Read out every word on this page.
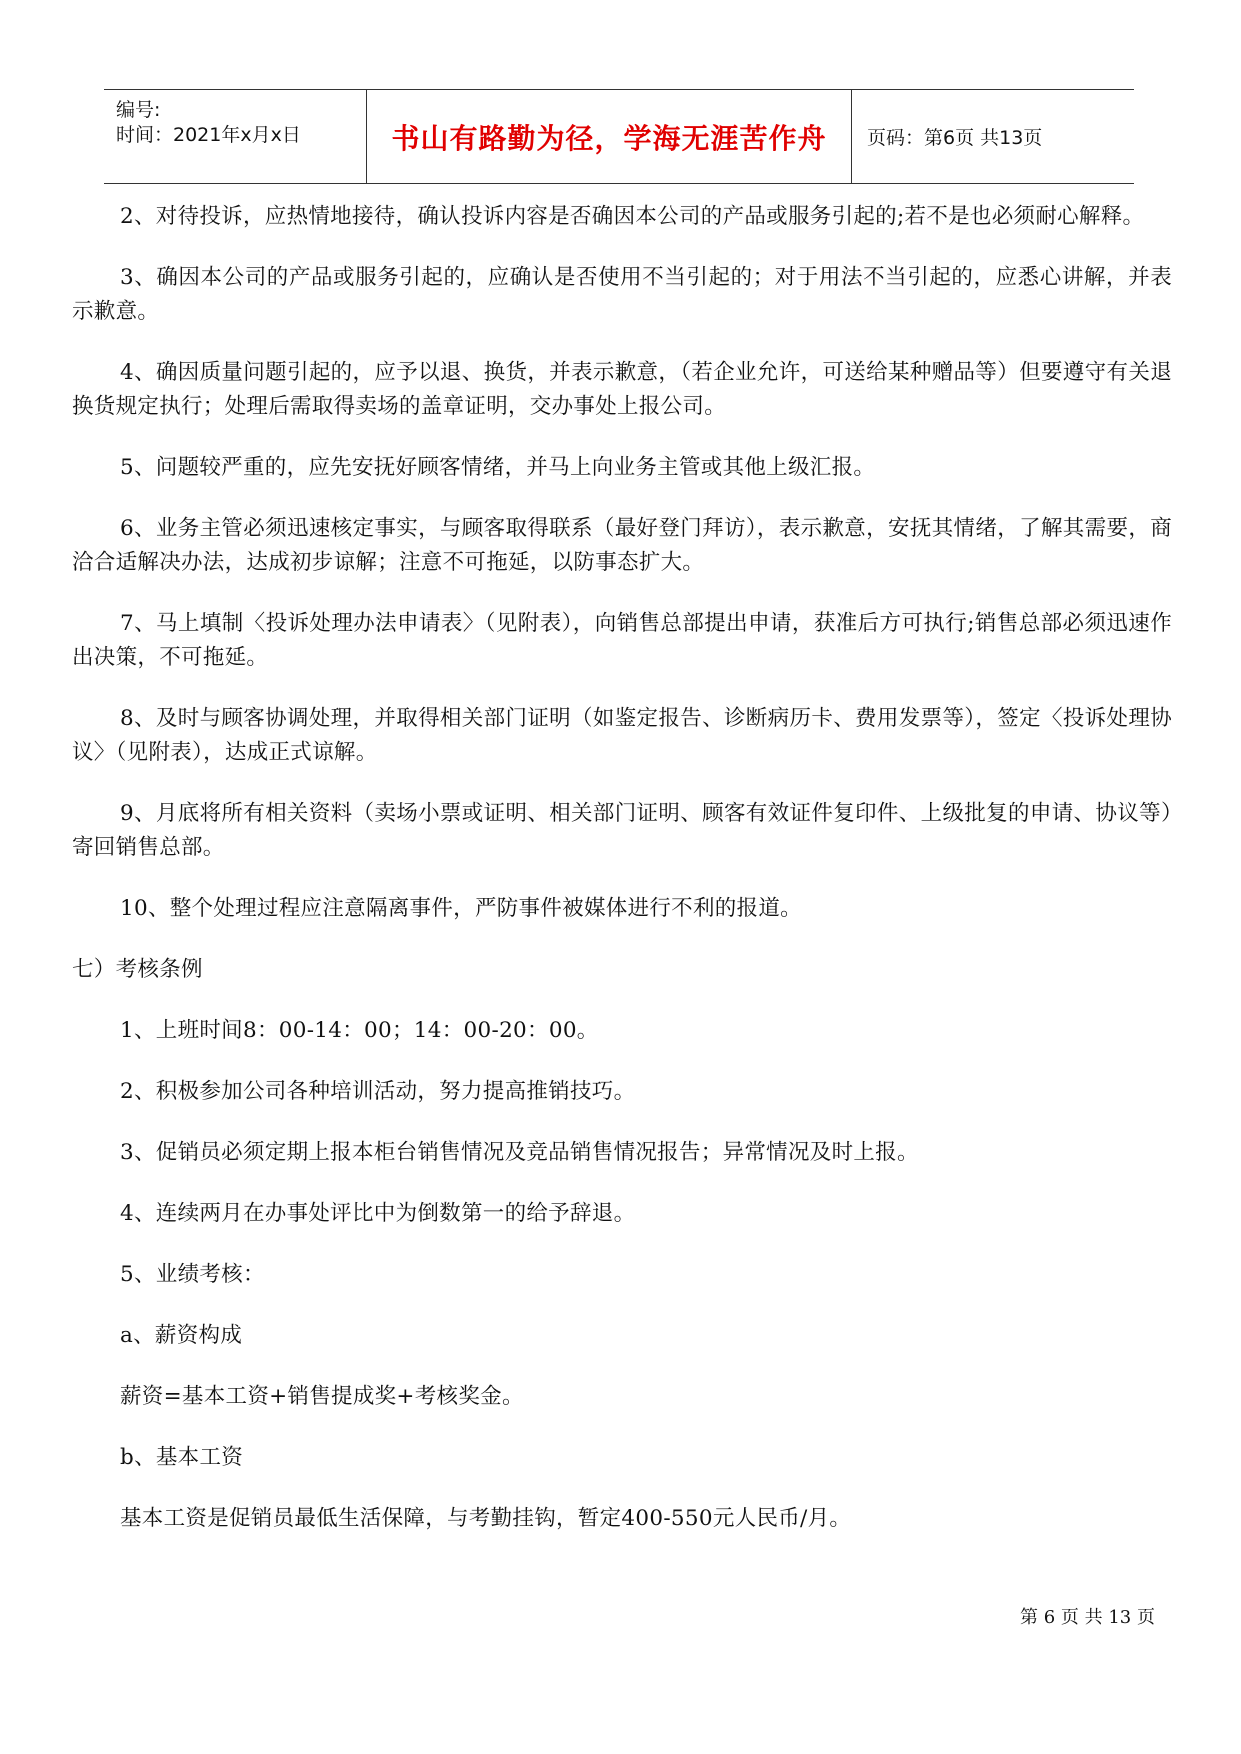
编号:
时间：2021年x月x日	书山有路勤为径，学海无涯苦作舟 页码：第6页 共13页

2、对待投诉，应热情地接待，确认投诉内容是否确因本公司的产品或服务引起的;若不是也必须耐心解释。

3、确因本公司的产品或服务引起的，应确认是否使用不当引起的；对于用法不当引起的，应悉心讲解，并表示歉意。

4、确因质量问题引起的，应予以退、换货，并表示歉意，（若企业允许，可送给某种赠品等）但要遵守有关退换货规定执行；处理后需取得卖场的盖章证明，交办事处上报公司。

5、问题较严重的，应先安抚好顾客情绪，并马上向业务主管或其他上级汇报。

6、业务主管必须迅速核定事实，与顾客取得联系（最好登门拜访），表示歉意，安抚其情绪，了解其需要，商洽合适解决办法，达成初步谅解；注意不可拖延，以防事态扩大。

7、马上填制〈投诉处理办法申请表〉（见附表），向销售总部提出申请，获准后方可执行;销售总部必须迅速作出决策，不可拖延。

8、及时与顾客协调处理，并取得相关部门证明（如鉴定报告、诊断病历卡、费用发票等），签定〈投诉处理协议〉（见附表），达成正式谅解。

9、月底将所有相关资料（卖场小票或证明、相关部门证明、顾客有效证件复印件、上级批复的申请、协议等）寄回销售总部。

10、整个处理过程应注意隔离事件，严防事件被媒体进行不利的报道。

七）考核条例

1、上班时间8：00-14：00；14：00-20：00。

2、积极参加公司各种培训活动，努力提高推销技巧。

3、促销员必须定期上报本柜台销售情况及竞品销售情况报告；异常情况及时上报。

4、连续两月在办事处评比中为倒数第一的给予辞退。

5、业绩考核：

a、薪资构成

薪资=基本工资+销售提成奖+考核奖金。

b、基本工资

基本工资是促销员最低生活保障，与考勤挂钩，暂定400-550元人民币/月。

第 6 页 共 13 页
